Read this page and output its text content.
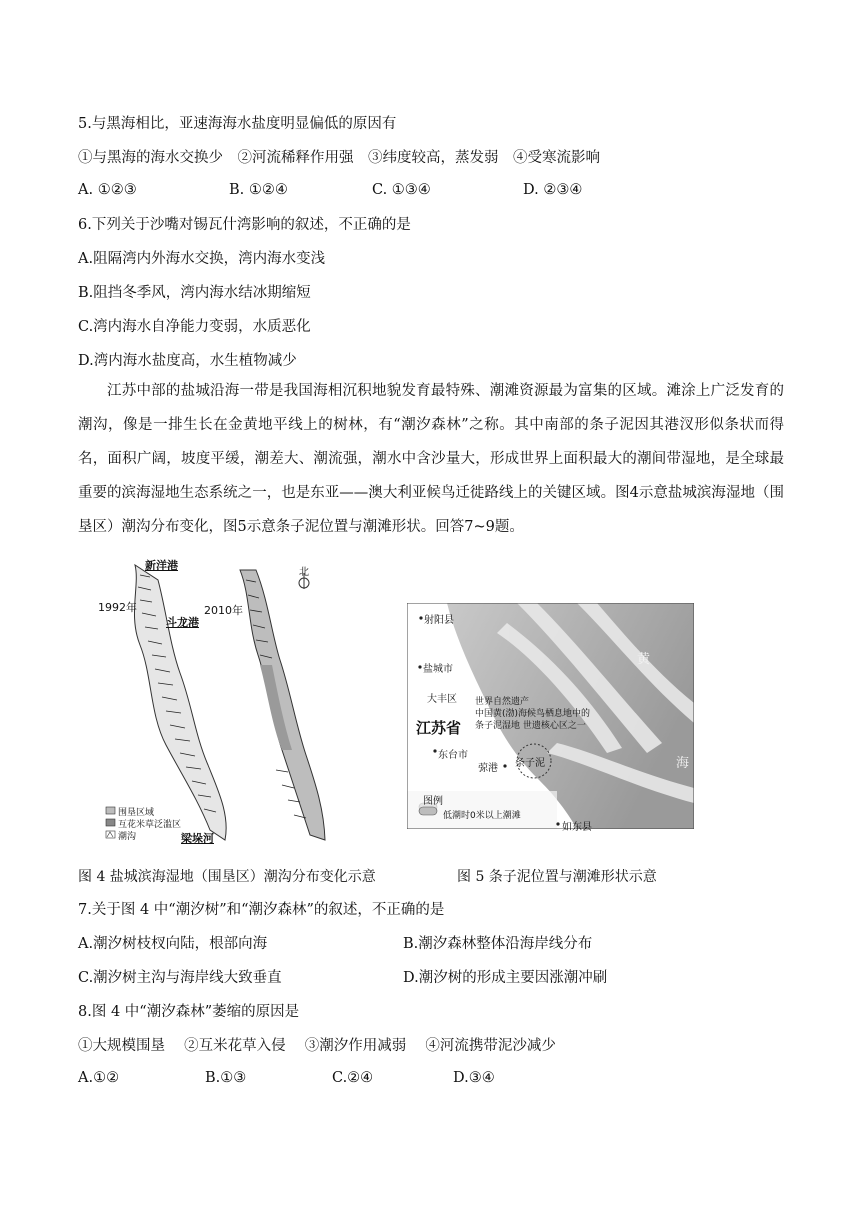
5.与黑海相比，亚速海海水盐度明显偏低的原因有
①与黑海的海水交换少　②河流稀释作用强　③纬度较高，蒸发弱　④受寒流影响
A. ①②③	B. ①②④	C. ①③④	D. ②③④
6.下列关于沙嘴对锡瓦什湾影响的叙述，不正确的是
A.阻隔湾内外海水交换，湾内海水变浅
B.阻挡冬季风，湾内海水结冰期缩短
C.湾内海水自净能力变弱，水质恶化
D.湾内海水盐度高，水生植物减少
江苏中部的盐城沿海一带是我国海相沉积地貌发育最特殊、潮滩资源最为富集的区域。滩涂上广泛发育的潮沟，像是一排生长在金黄地平线上的树林，有“潮汐森林”之称。其中南部的条子泥因其港汊形似条状而得名，面积广阔，坡度平缓，潮差大、潮流强，潮水中含沙量大，形成世界上面积最大的潮间带湿地，是全球最重要的滨海湿地生态系统之一，也是东亚——澳大利亚候鸟迁徙路线上的关键区域。图4示意盐城滨海湿地（围垦区）潮沟分布变化，图5示意条子泥位置与潮滩形状。回答7~9题。
新洋港
1992年
斗龙港
2010年
北
围垦区域
互花米草泛滥区
潮沟	梁垛河
射阳县
盐城市
大丰区
江苏省
东台市
弶港 条子泥
世界自然遗产
中国黄(渤)海候鸟栖息地中的
条子泥湿地 世遗核心区之一
图例
低潮时0米以上潮滩
如东县
黄
海
图 4 盐城滨海湿地（围垦区）潮沟分布变化示意	图 5 条子泥位置与潮滩形状示意
7.关于图 4 中“潮汐树”和“潮汐森林”的叙述，不正确的是
A.潮汐树枝杈向陆，根部向海	B.潮汐森林整体沿海岸线分布
C.潮汐树主沟与海岸线大致垂直	D.潮汐树的形成主要因涨潮冲刷
8.图 4 中“潮汐森林”萎缩的原因是
①大规模围垦　 ②互米花草入侵　 ③潮汐作用减弱　 ④河流携带泥沙减少
A.①②	B.①③	C.②④	D.③④
